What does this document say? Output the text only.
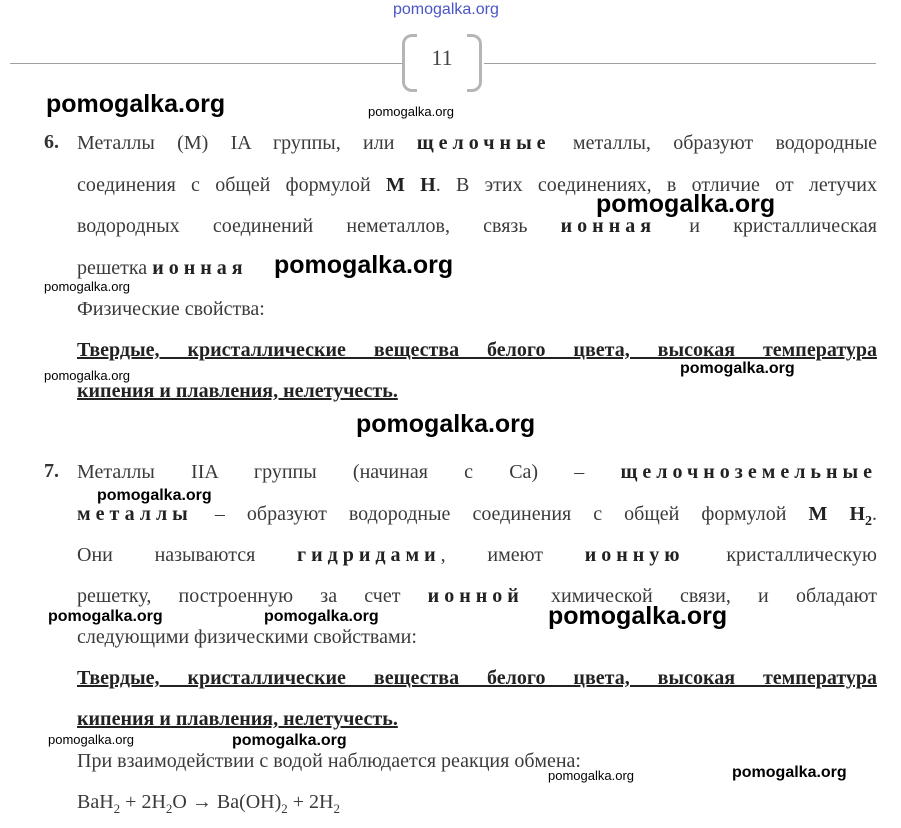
pomogalka.org
11
pomogalka.org	pomogalka.org
pomogalka.org
pomogalka.org
pomogalka.org
pomogalka.org	pomogalka.org
pomogalka.org
pomogalka.org
pomogalka.org	pomogalka.org	pomogalka.org
pomogalka.org	pomogalka.org
pomogalka.org	pomogalka.org
6. Металлы (М) IA группы, или щелочные металлы, образуют водородные
соединения с общей формулой М Н. В этих соединениях, в отличие от летучих
водородных соединений неметаллов, связь ионная и кристаллическая
решетка ионная
Физические свойства:
Твердые, кристаллические вещества белого цвета, высокая температура
кипения и плавления, нелетучесть.
7. Металлы IIA группы (начиная с Са) – щелочноземельные
металлы – образуют водородные соединения с общей формулой М $Н_2$.
Они называются гидридами, имеют ионную кристаллическую
решетку, построенную за счет ионной химической связи, и обладают
следующими физическими свойствами:
Твердые, кристаллические вещества белого цвета, высокая температура
кипения и плавления, нелетучесть.
При взаимодействии с водой наблюдается реакция обмена:
$BaH_2 + 2H_2O \to Ba(OH)_2 + 2H_2$
